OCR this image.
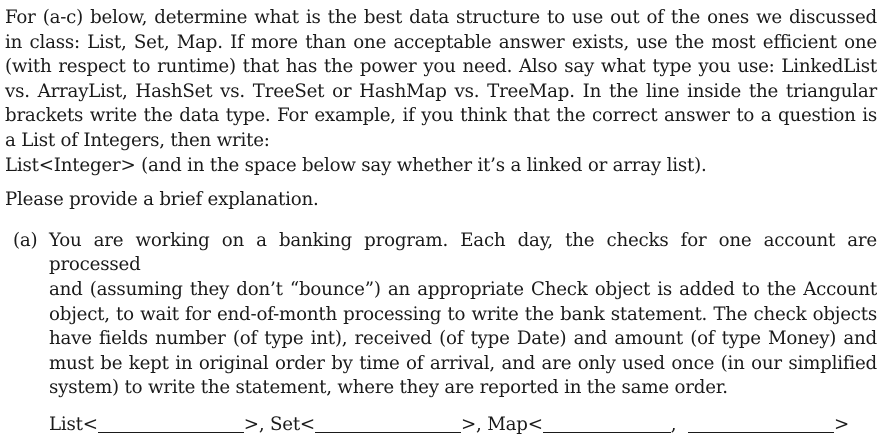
For (a-c) below, determine what is the best data structure to use out of the ones we discussed
in class: List, Set, Map. If more than one acceptable answer exists, use the most efficient one
(with respect to runtime) that has the power you need. Also say what type you use: LinkedList
vs. ArrayList, HashSet vs. TreeSet or HashMap vs. TreeMap. In the line inside the triangular
brackets write the data type. For example, if you think that the correct answer to a question is
a List of Integers, then write:
List<Integer> (and in the space below say whether it’s a linked or array list).

Please provide a brief explanation.

(a) You are working on a banking program. Each day, the checks for one account are processed
and (assuming they don’t “bounce”) an appropriate Check object is added to the Account
object, to wait for end-of-month processing to write the bank statement. The check objects
have fields number (of type int), received (of type Date) and amount (of type Money) and
must be kept in original order by time of arrival, and are only used once (in our simplified
system) to write the statement, where they are reported in the same order.
List<	>, Set<	>, Map<	,	>
